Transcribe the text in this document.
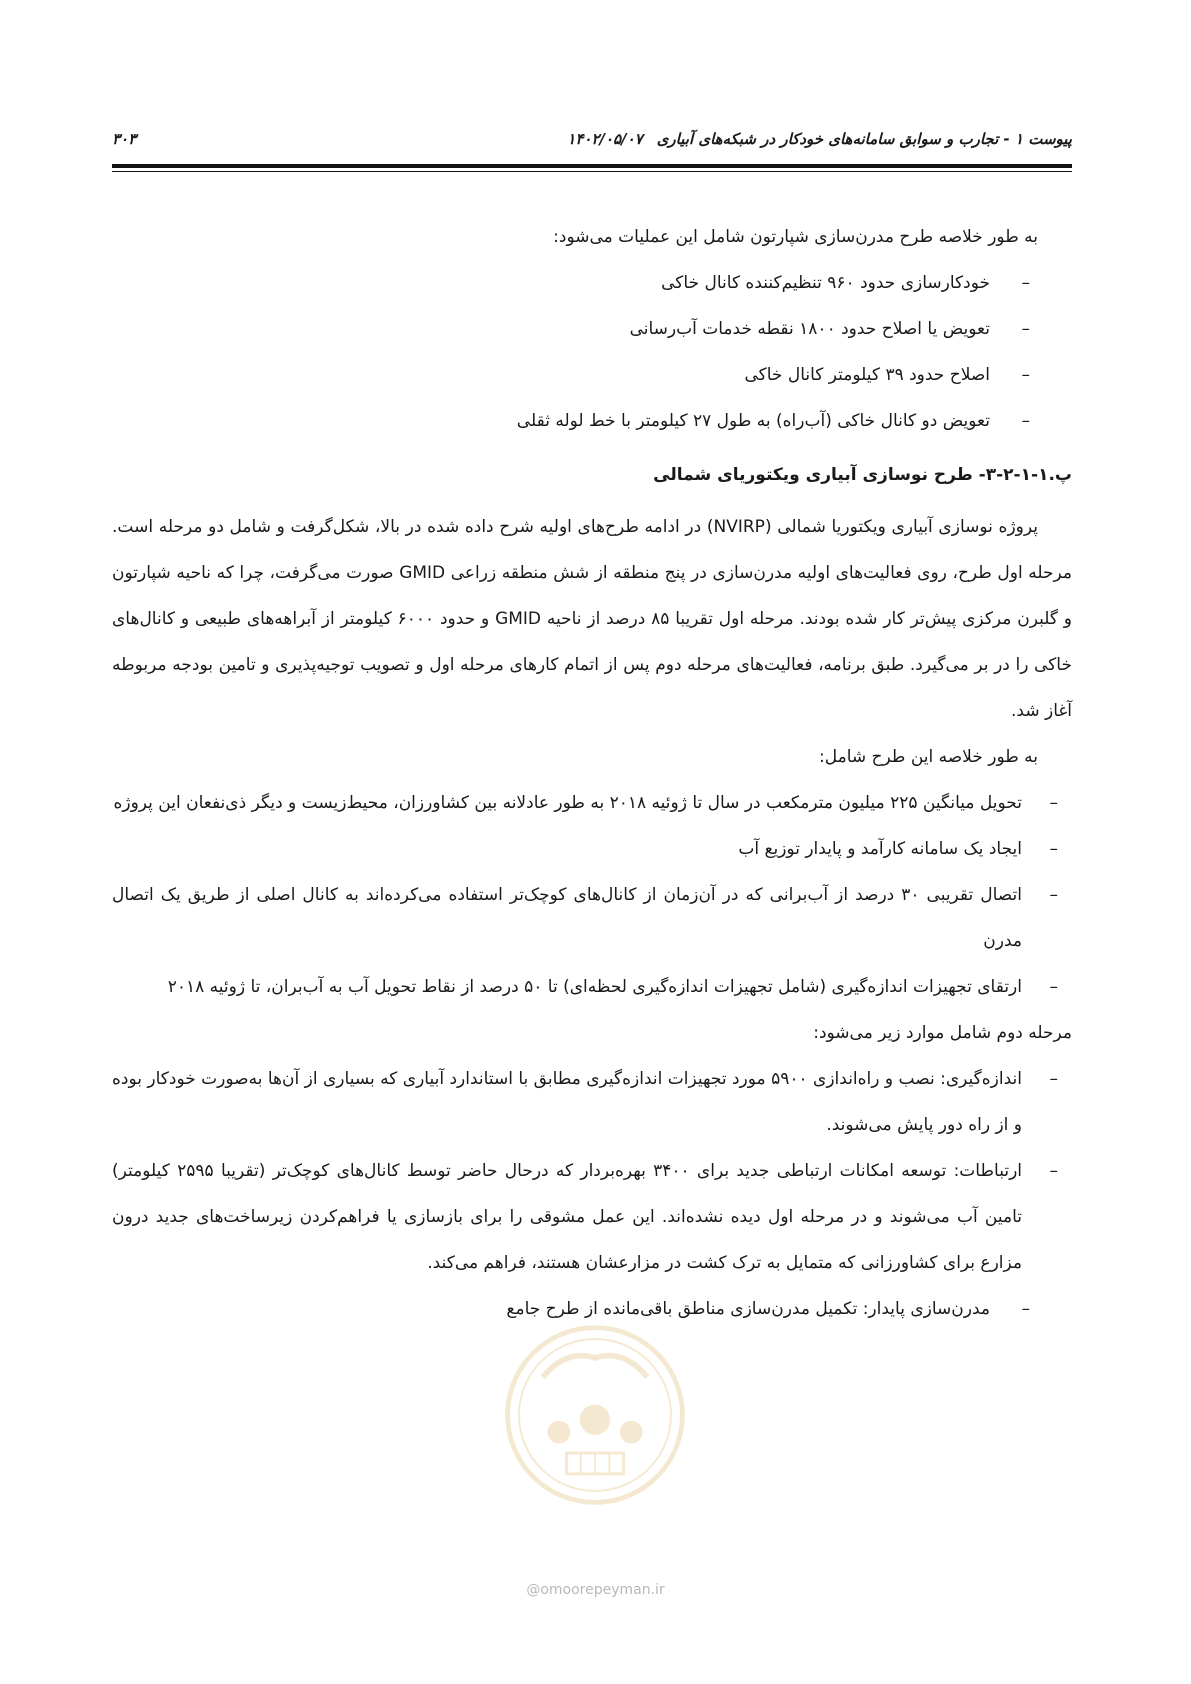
پیوست ۱ - تجارب و سوابق سامانه‌های خودکار در شبکه‌های آبیاری۱۴۰۲/۰۵/۰۷
۳۰۳

به طور خلاصه طرح مدرن‌سازی شپارتون شامل این عملیات می‌شود:

–
خودکارسازی حدود ۹۶۰ تنظیم‌کننده کانال خاکی
–
تعویض یا اصلاح حدود ۱۸۰۰ نقطه خدمات آب‌رسانی
–
اصلاح حدود ۳۹ کیلومتر کانال خاکی
–
تعویض دو کانال خاکی (آب‌راه) به طول ۲۷ کیلومتر با خط لوله ثقلی

پ.۱-۱-۲-۳- طرح نوسازی آبیاری ویکتوریای شمالی

پروژه نوسازی آبیاری ویکتوریا شمالی (NVIRP) در ادامه طرح‌های اولیه شرح داده شده در بالا، شکل‌گرفت و شامل دو مرحله است. مرحله اول طرح، روی فعالیت‌های اولیه مدرن‌سازی در پنج منطقه از شش منطقه زراعی GMID صورت می‌گرفت، چرا که ناحیه شپارتون و گلبرن مرکزی پیش‌تر کار شده بودند. مرحله اول تقریبا ۸۵ درصد از ناحیه GMID و حدود ۶۰۰۰ کیلومتر از آبراهه‌های طبیعی و کانال‌های خاکی را در بر می‌گیرد. طبق برنامه، فعالیت‌های مرحله دوم پس از اتمام کارهای مرحله اول و تصویب توجیه‌پذیری و تامین بودجه مربوطه آغاز شد.

به طور خلاصه این طرح شامل:

–
تحویل میانگین ۲۲۵ میلیون مترمکعب در سال تا ژوئیه ۲۰۱۸ به طور عادلانه بین کشاورزان، محیط‌زیست و دیگر ذی‌نفعان این پروژه
–
ایجاد یک سامانه کارآمد و پایدار توزیع آب
–
اتصال تقریبی ۳۰ درصد از آب‌برانی که در آن‌زمان از کانال‌های کوچک‌تر استفاده می‌کرده‌اند به کانال اصلی از طریق یک اتصال مدرن
–
ارتقای تجهیزات اندازه‌گیری (شامل تجهیزات اندازه‌گیری لحظه‌ای) تا ۵۰ درصد از نقاط تحویل آب به آب‌بران، تا ژوئیه ۲۰۱۸

مرحله دوم شامل موارد زیر می‌شود:

–
اندازه‌گیری: نصب و راه‌اندازی ۵۹۰۰ مورد تجهیزات اندازه‌گیری مطابق با استاندارد آبیاری که بسیاری از آن‌ها به‌صورت خودکار بوده و از راه دور پایش می‌شوند.
–
ارتباطات: توسعه امکانات ارتباطی جدید برای ۳۴۰۰ بهره‌بردار که درحال حاضر توسط کانال‌های کوچک‌تر (تقریبا ۲۵۹۵ کیلومتر) تامین آب می‌شوند و در مرحله اول دیده نشده‌اند. این عمل مشوقی را برای بازسازی یا فراهم‌کردن زیرساخت‌های جدید درون مزارع برای کشاورزانی که متمایل به ترک کشت در مزارعشان هستند، فراهم می‌کند.
–
مدرن‌سازی پایدار: تکمیل مدرن‌سازی مناطق باقی‌مانده از طرح جامع
@omoorepeyman.ir
